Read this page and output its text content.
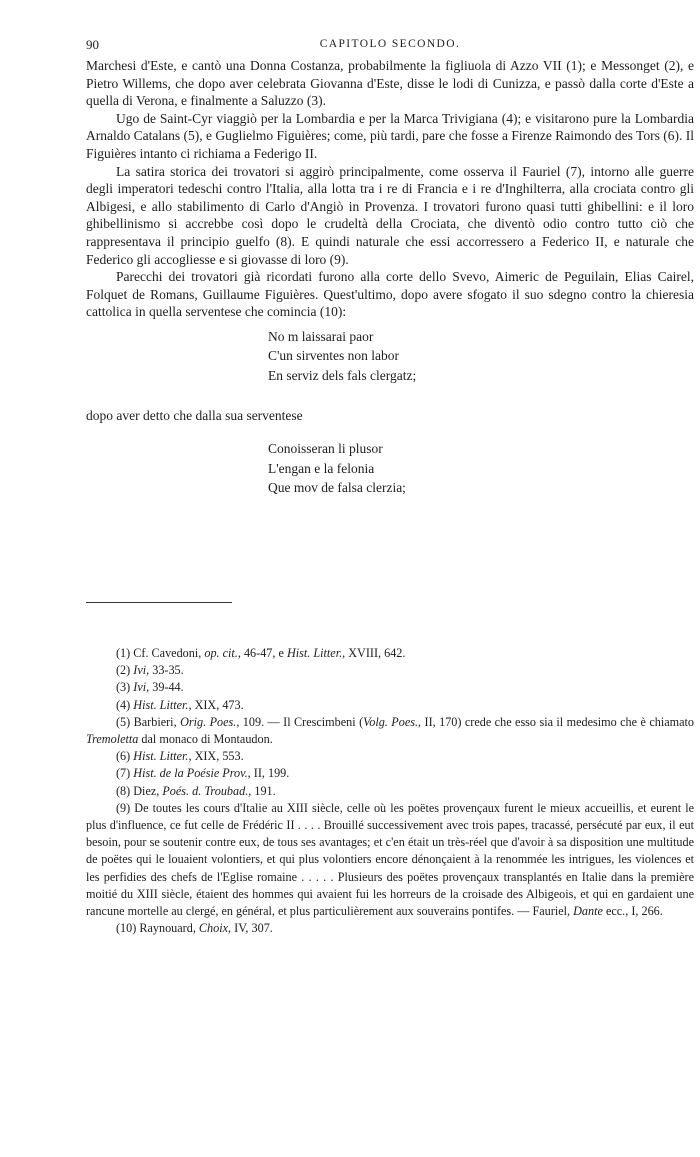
90	CAPITOLO SECONDO.

Marchesi d'Este, e cantò una Donna Costanza, probabilmente la figliuola di Azzo VII (1); e Messonget (2), e Pietro Willems, che dopo aver celebrata Giovanna d'Este, disse le lodi di Cunizza, e passò dalla corte d'Este a quella di Verona, e finalmente a Saluzzo (3).

Ugo de Saint-Cyr viaggiò per la Lombardia e per la Marca Trivigiana (4); e visitarono pure la Lombardia Arnaldo Catalans (5), e Guglielmo Figuières; come, più tardi, pare che fosse a Firenze Raimondo des Tors (6). Il Figuières intanto ci richiama a Federigo II.

La satira storica dei trovatori si aggirò principalmente, come osserva il Fauriel (7), intorno alle guerre degli imperatori tedeschi contro l'Italia, alla lotta tra i re di Francia e i re d'Inghilterra, alla crociata contro gli Albigesi, e allo stabilimento di Carlo d'Angiò in Provenza. I trovatori furono quasi tutti ghibellini: e il loro ghibellinismo si accrebbe così dopo le crudeltà della Crociata, che diventò odio contro tutto ciò che rappresentava il principio guelfo (8). E quindi naturale che essi accorressero a Federico II, e naturale che Federico gli accogliesse e si giovasse di loro (9).

Parecchi dei trovatori già ricordati furono alla corte dello Svevo, Aimeric de Peguilain, Elias Cairel, Folquet de Romans, Guillaume Figuières. Quest'ultimo, dopo avere sfogato il suo sdegno contro la chieresia cattolica in quella serventese che comincia (10):

No m laissarai paor
C'un sirventes non labor
En serviz dels fals clergatz;

dopo aver detto che dalla sua serventese

Conoisseran li plusor
L'engan e la felonia
Que mov de falsa clerzia;

(1) Cf. Cavedoni, op. cit., 46-47, e Hist. Litter., XVIII, 642.

(2) Ivi, 33-35.

(3) Ivi, 39-44.

(4) Hist. Litter., XIX, 473.

(5) Barbieri, Orig. Poes., 109. — Il Crescimbeni (Volg. Poes., II, 170) crede che esso sia il medesimo che è chiamato Tremoletta dal monaco di Montaudon.

(6) Hist. Litter., XIX, 553.

(7) Hist. de la Poésie Prov., II, 199.

(8) Diez, Poés. d. Troubad., 191.

(9) De toutes les cours d'Italie au XIII siècle, celle où les poëtes provençaux furent le mieux accueillis, et eurent le plus d'influence, ce fut celle de Frédéric II . . . . Brouillé successivement avec trois papes, tracassé, persécuté par eux, il eut besoin, pour se soutenir contre eux, de tous ses avantages; et c'en était un très-réel que d'avoir à sa disposition une multitude de poëtes qui le louaient volontiers, et qui plus volontiers encore dénonçaient à la renommée les intrigues, les violences et les perfidies des chefs de l'Eglise romaine . . . . . Plusieurs des poëtes provençaux transplantés en Italie dans la première moitié du XIII siècle, étaient des hommes qui avaient fui les horreurs de la croisade des Albigeois, et qui en gardaient une rancune mortelle au clergé, en général, et plus particulièrement aux souverains pontifes. — Fauriel, Dante ecc., I, 266.

(10) Raynouard, Choix, IV, 307.
